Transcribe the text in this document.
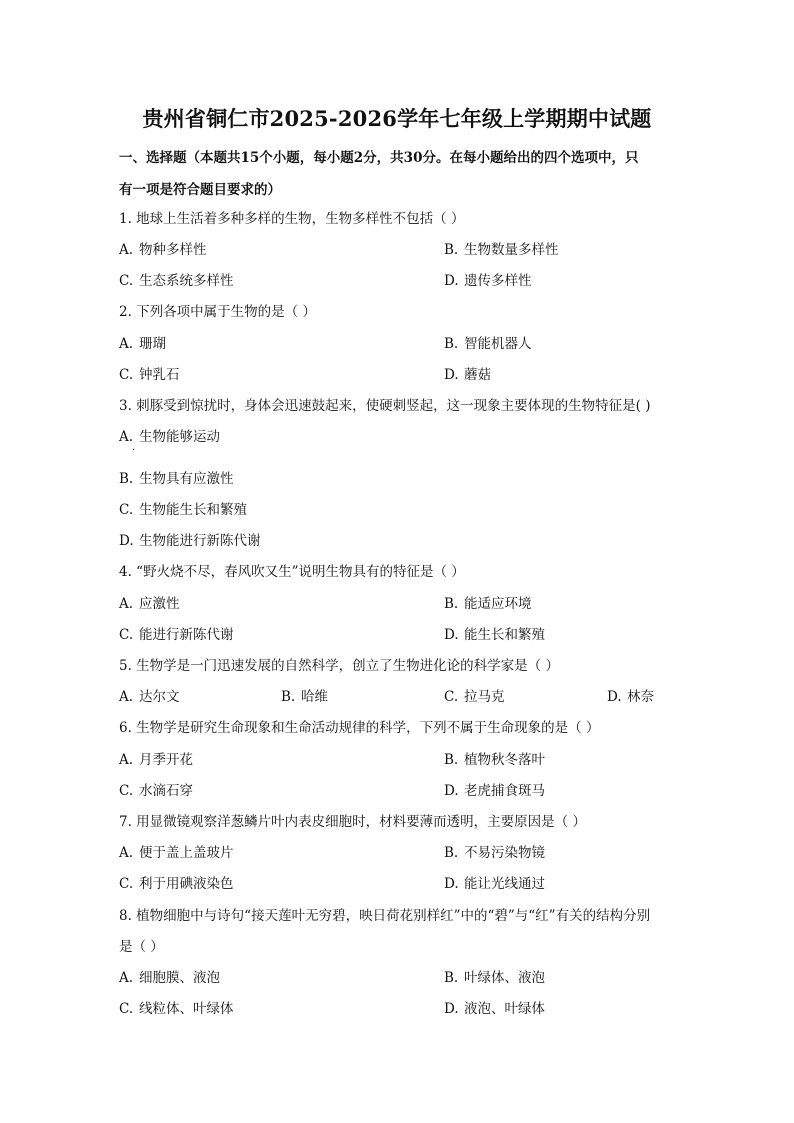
贵州省铜仁市2025-2026学年七年级上学期期中试题
一、选择题（本题共15个小题，每小题2分，共30分。在每小题给出的四个选项中，只
有一项是符合题目要求的）
1. 地球上生活着多种多样的生物，生物多样性不包括（ ）
A. 物种多样性	B. 生物数量多样性
C. 生态系统多样性	D. 遗传多样性
2. 下列各项中属于生物的是（ ）
A. 珊瑚	B. 智能机器人
C. 钟乳石	D. 蘑菇
3. 刺豚受到惊扰时，身体会迅速鼓起来，使硬刺竖起，这一现象主要体现的生物特征是( )
A. 生物能够运动
·
B. 生物具有应激性
C. 生物能生长和繁殖
D. 生物能进行新陈代谢
4. “野火烧不尽，春风吹又生”说明生物具有的特征是（ ）
A. 应激性	B. 能适应环境
C. 能进行新陈代谢	D. 能生长和繁殖
5. 生物学是一门迅速发展的自然科学，创立了生物进化论的科学家是（ ）
A. 达尔文	B. 哈维	C. 拉马克	D. 林奈
6. 生物学是研究生命现象和生命活动规律的科学，下列不属于生命现象的是（ ）
A. 月季开花	B. 植物秋冬落叶
C. 水滴石穿	D. 老虎捕食斑马
7. 用显微镜观察洋葱鳞片叶内表皮细胞时，材料要薄而透明，主要原因是（ ）
A. 便于盖上盖玻片	B. 不易污染物镜
C. 利于用碘液染色	D. 能让光线通过
8. 植物细胞中与诗句“接天莲叶无穷碧，映日荷花别样红”中的“碧”与“红”有关的结构分别
是（ ）
A. 细胞膜、液泡	B. 叶绿体、液泡
C. 线粒体、叶绿体	D. 液泡、叶绿体
